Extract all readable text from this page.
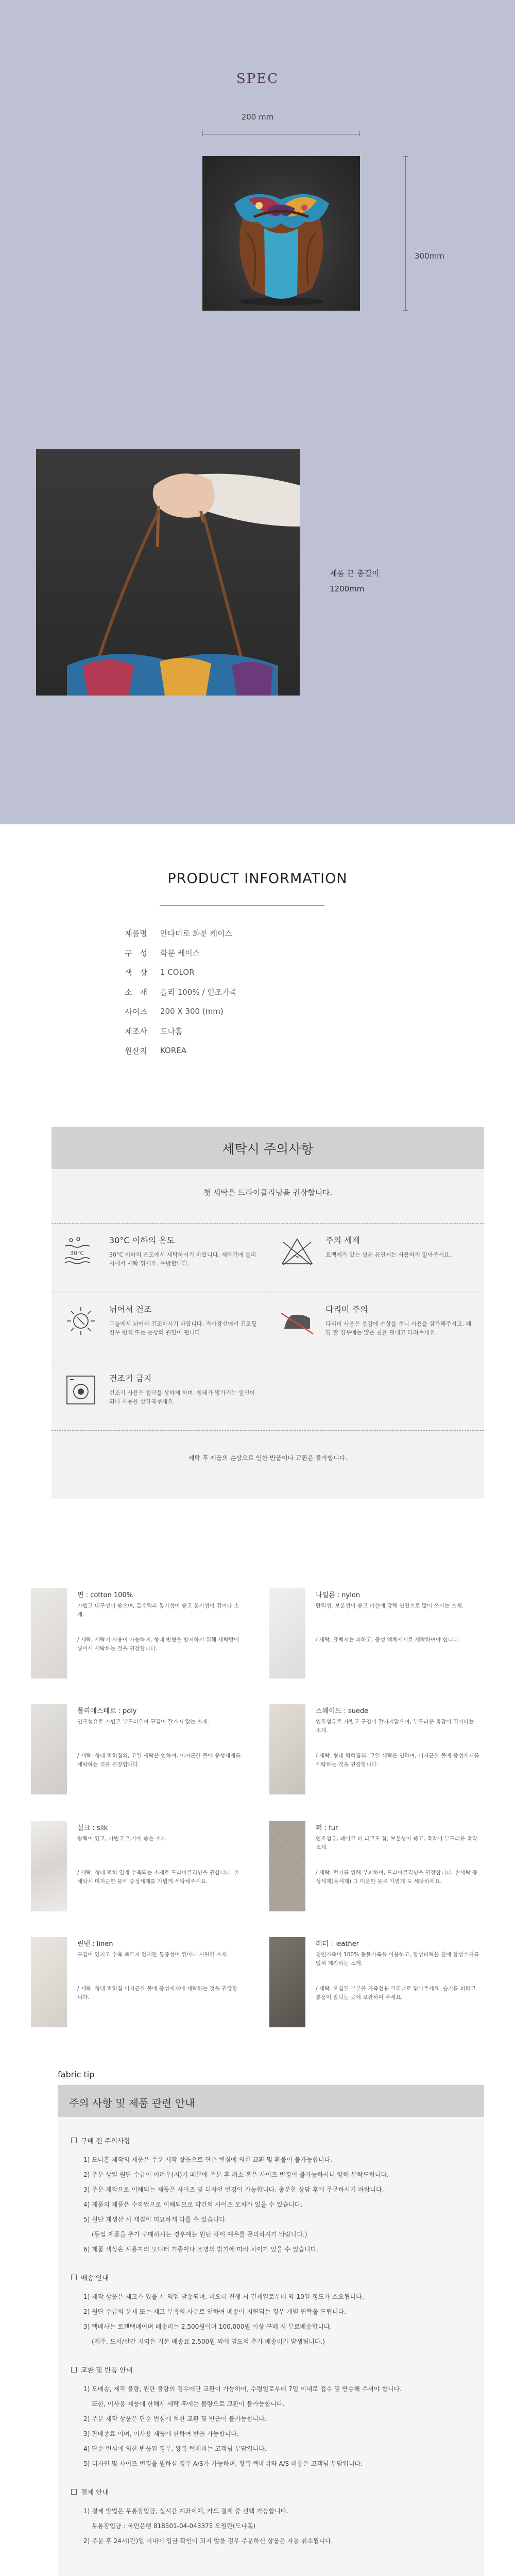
SPEC
200 mm
300mm
제품 끈 총길이
1200mm
PRODUCT INFORMATION
제품명	안다미로 화분 케이스
구　성	화분 케이스
색　상	1 COLOR
소　재	폴리 100% / 인조가죽
사이즈	200 X 300 (mm)
제조사	도나홈
원산지	KOREA
세탁시 주의사항
첫 세탁은 드라이클리닝을 권장합니다.
30°C
30°C 이하의 온도
30°C 이하의 온도에서 세탁하시기 바랍니다. 세탁기에 돌리시에서 세탁 뒤세요. 무방합니다.
주의 세제
표백제가 있는 성유 유연제는 사용하지 말아주세요.
뉘어서 건조
그늘에서 뉘어서 건조하시기 바랍니다. 직사광선에서 건조할 경우 변색 또는 손상의 원인이 됩니다.
다리미 주의
다리미 사용은 옷감에 손상을 주니 사용을 삼가해주시고, 패딩 할 경우에는 얇은 천을 덧대고 다려주세요.
건조기 금지
건조기 사용은 원단을 상하게 하며, 형태가 망가지는 원인이 되니 사용을 삼가해주세요.
세탁 후 제품의 손상으로 인한 반품이나 교환은 불가합니다.
면 : cotton 100%
가볍고 내구성이 좋으며, 흡수력과 통기성이 좋고 통기성이 뛰어나 소재.
/ 세탁. 세탁기 사용이 가능하며, 형태 변형을 방지하기 위해 세탁망에 넣어서 세탁하는 것을 권장합니다.
나일론 : nylon
탄력성, 보온성이 좋고 마찰에 강해 인견으로 많이 쓰이는 소재.
/ 세탁. 표백제는 피하고, 중성 액체세제로 세탁하여야 합니다.
폴리에스테르 : poly
인조섬유로 가볍고 부드러우며 구김이 잘가지 않는 소재.
/ 세탁. 형태 먹혀짐의, 고열 세탁은 인하며, 미지근한 물에 중성세제를 세탁하는 것을 권장합니다.
스웨이드 : suede
인조섬유로 가볍고 구김이 잘가지않으며, 부드러운 촉감이 뛰어나는 소재.
/ 세탁. 형태 먹혀짐의, 고열 세탁은 인하며, 미지근한 물에 중성세제를 세탁하는 것을 권장합니다.
실크 : silk
광택이 있고, 가볍고 일기에 좋은 소재.
/ 세탁. 형태 먹혀 입게 수축되는 소재로 드라이클리닝을 권합니다. 손세탁시 미지근한 물에 중성세제를 가볍게 세탁해주세요.
퍼 : fur
인조섬유, 폐이크 퍼 라고도 함, 보온성이 좋고, 촉감이 부드러운 촉감 소재.
/ 세탁. 털기를 위해 부피하며, 드라이클리닝을 권장합니다. 손세탁 중성세제(울세제) 그 미온한 물로 가볍게 도 세탁하세요.
린넨 : linen
구김이 있지고 수축 빠른지 있지만 통풍성이 뛰어나 시원한 소재.
/ 세탁. 형태 먹혀짐 미지근한 물에 중성세제에 세탁하는 것을 권장합니다.
레더 : leather
천연가죽이 100% 동물가죽을 이용하고, 합성피혁은 천에 합성수지를 입혀 제작하는 소재.
/ 세탁. 오염된 부분을 가죽전용 크리너로 닦아주세요. 습기를 피하고 통풍이 잘되는 곳에 보관하여 주세요.
fabric tip
주의 사항 및 제품 관련 안내
구매 전 주의사항
1) 도나홈 제작의 제품은 주문 제작 상품으로 단순 변심에 의한 교환 및 환불이 불가능합니다.
2) 주문 상일 원단 수급이 어려우(지)기 때문에 주문 후 취소 혹은 사이즈 변경이 불가능하시니 양해 부탁드립니다.
3) 주문 제작으로 이해되는 제품은 사이즈 및 디자인 변경이 가능합니다. 충분한 상담 후에 주문하시기 바랍니다.
4) 제품의 제품은 수작업으로 이해되므로 약간의 사이즈 오차가 있을 수 있습니다.
5) 원단 재생산 시 재질이 미묘하게 다를 수 있습니다.
(동일 제품을 추가 구매하시는 경우에는 원단 차이 예우를 문의하시기 바랍니다.)
6) 제품 색상은 사용자의 모니터 기종이나 조명의 밝기에 따라 차이가 있을 수 있습니다.
배송 안내
1) 제작 상품은 제고가 있을 시 익일 발송되며, 미오더 진행 시 결제일로부터 약 10일 정도가 소요됩니다.
2) 원단 수급의 문제 또는 제고 부족의 사유로 인하여 배송이 지연되는 경우 개별 연락을 드립니다.
3) 택배사는 로젠택배이며 배송비는 2,500원이며 100,000원 이상 구매 시 무료배송합니다.
(제주, 도서/산간 지역은 기본 배송료 2,500원 외에 별도의 추가 배송비가 발생됩니다.)
교환 및 반품 안내
1) 오배송, 제작 불량, 원단 불량의 경우에만 교환이 가능하며, 수령일로부터 7일 이내로 접수 및 반송해 주셔야 합니다.
또한, 이사용 제품에 한해서 세탁 후에는 불량으로 교환이 불가능합니다.
2) 주문 제작 상품은 단순 변심에 의한 교환 및 반품이 불가능합니다.
3) 판매종료 이며, 이사용 제품에 한하여 반품 가능합니다.
4) 단순 변심에 의한 반품일 경우, 왕복 택배비는 고객님 부담입니다.
5) 디자인 및 사이즈 변경을 원하실 경우 A/S가 가능하며, 왕복 택배비와 A/S 비용은 고객님 부담입니다.
결제 안내
1) 결제 방법은 무통장입금, 실시간 계좌이체, 카드 결제 중 선택 가능합니다.
무통장입금 : 국민은행 818501-04-043375 오필란(도나홈)
2) 주문 후 24시(간)일 이내에 입금 확인이 되지 않을 경우 주문하신 상품은 자동 취소됩니다.
